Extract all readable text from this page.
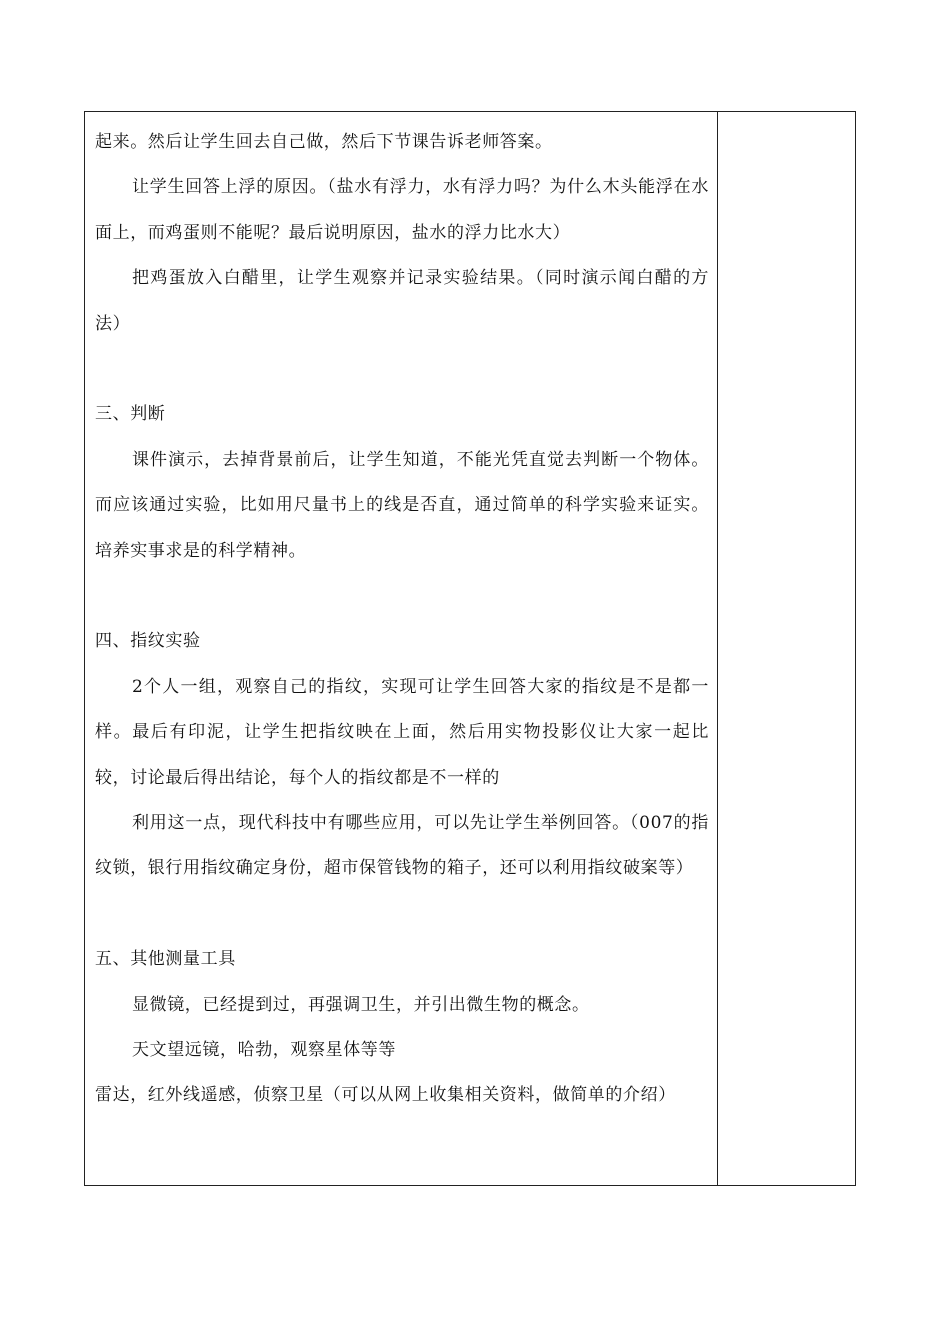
起来。然后让学生回去自己做，然后下节课告诉老师答案。

让学生回答上浮的原因。（盐水有浮力，水有浮力吗？为什么木头能浮在水面上，而鸡蛋则不能呢？最后说明原因，盐水的浮力比水大）

把鸡蛋放入白醋里，让学生观察并记录实验结果。（同时演示闻白醋的方法）

三、判断

课件演示，去掉背景前后，让学生知道，不能光凭直觉去判断一个物体。而应该通过实验，比如用尺量书上的线是否直，通过简单的科学实验来证实。培养实事求是的科学精神。

四、指纹实验

2个人一组，观察自己的指纹，实现可让学生回答大家的指纹是不是都一样。最后有印泥，让学生把指纹映在上面，然后用实物投影仪让大家一起比较，讨论最后得出结论，每个人的指纹都是不一样的

利用这一点，现代科技中有哪些应用，可以先让学生举例回答。（007的指纹锁，银行用指纹确定身份，超市保管钱物的箱子，还可以利用指纹破案等）

五、其他测量工具

显微镜，已经提到过，再强调卫生，并引出微生物的概念。

天文望远镜，哈勃，观察星体等等

雷达，红外线遥感，侦察卫星（可以从网上收集相关资料，做简单的介绍）
